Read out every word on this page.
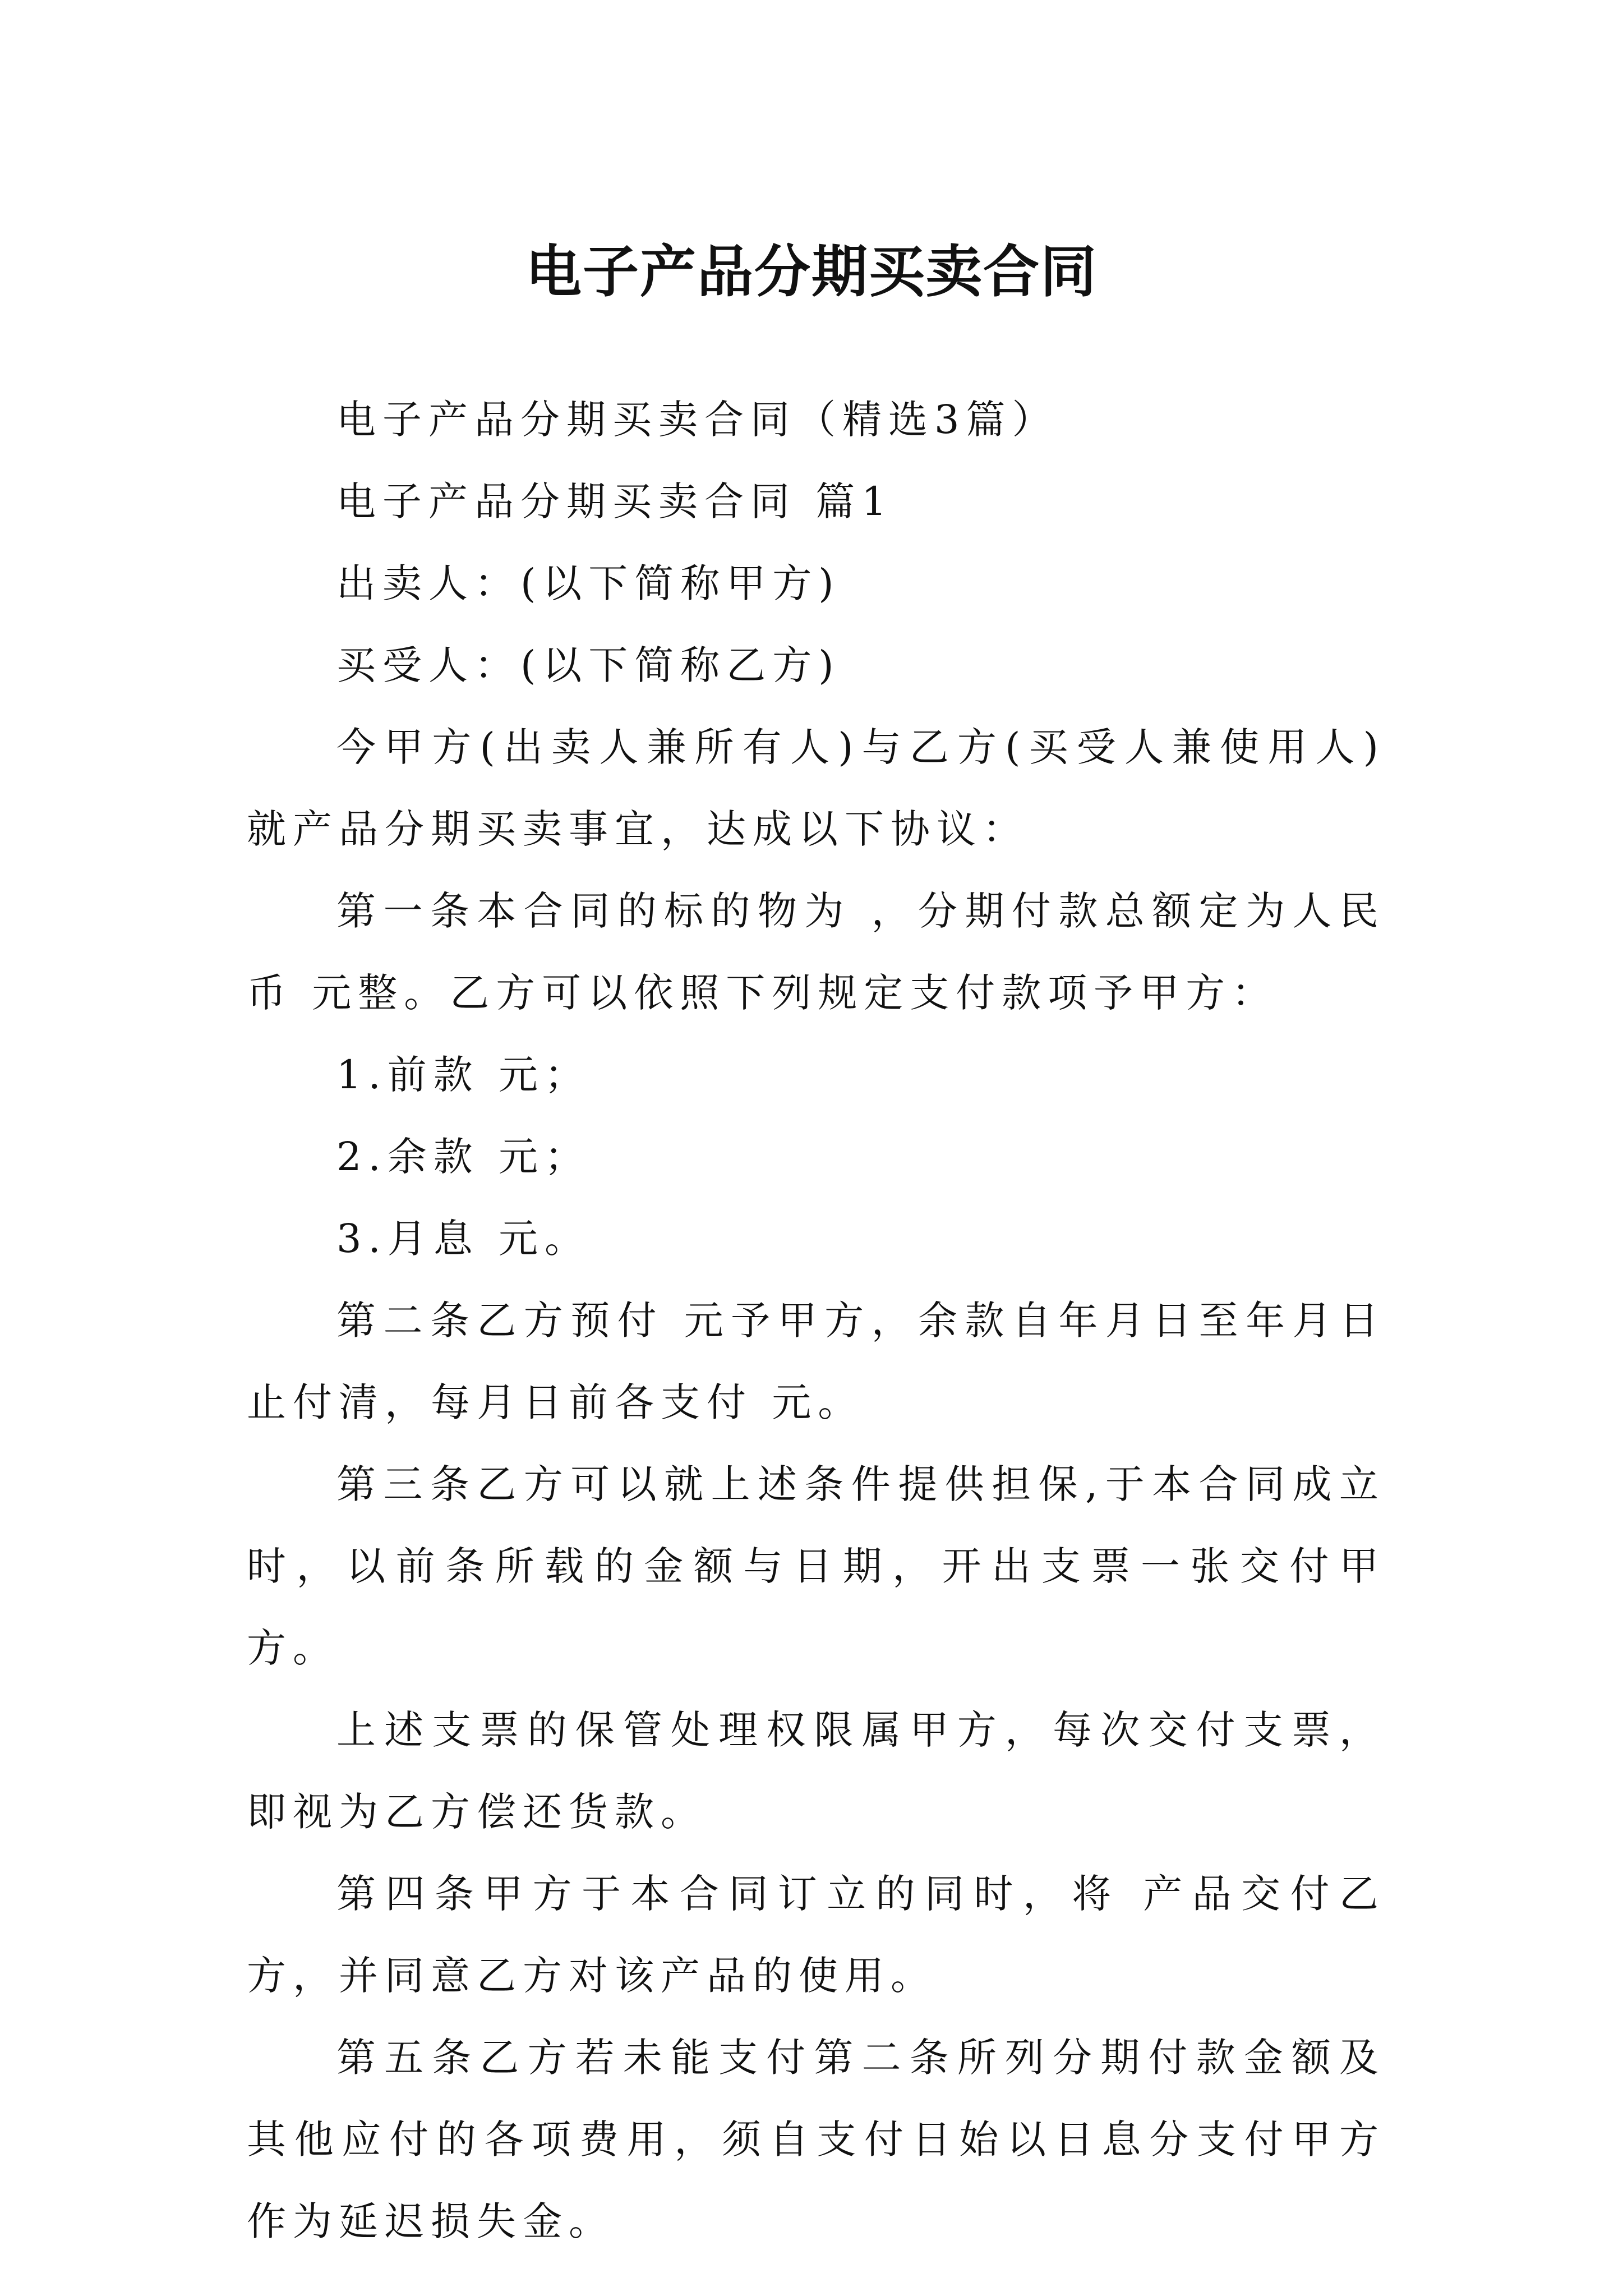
电子产品分期买卖合同

电子产品分期买卖合同（精选3篇）

电子产品分期买卖合同 篇1

出卖人：(以下简称甲方)

买受人：(以下简称乙方)

今甲方(出卖人兼所有人)与乙方(买受人兼使用人)就产品分期买卖事宜，达成以下协议：

第一条本合同的标的物为 ，分期付款总额定为人民币 元整。乙方可以依照下列规定支付款项予甲方：

1.前款 元；

2.余款 元；

3.月息 元。

第二条乙方预付 元予甲方，余款自年月日至年月日止付清，每月日前各支付 元。

第三条乙方可以就上述条件提供担保,于本合同成立时，以前条所载的金额与日期，开出支票一张交付甲方。

上述支票的保管处理权限属甲方，每次交付支票，即视为乙方偿还货款。

第四条甲方于本合同订立的同时，将 产品交付乙方，并同意乙方对该产品的使用。

第五条乙方若未能支付第二条所列分期付款金额及其他应付的各项费用，须自支付日始以日息分支付甲方作为延迟损失金。
